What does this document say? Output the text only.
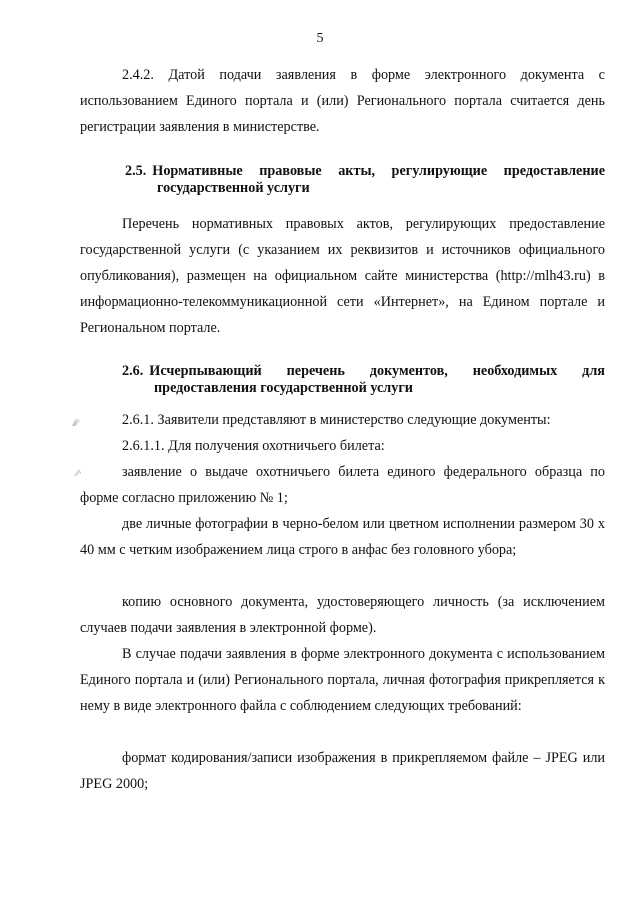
5

2.4.2. Датой подачи заявления в форме электронного документа с использованием Единого портала и (или) Регионального портала считается день регистрации заявления в министерстве.

2.5. Нормативные правовые акты, регулирующие предоставление государственной услуги

Перечень нормативных правовых актов, регулирующих предоставление государственной услуги (с указанием их реквизитов и источников официального опубликования), размещен на официальном сайте министерства (http://mlh43.ru) в информационно-телекоммуникационной сети «Интернет», на Едином портале и Региональном портале.

2.6. Исчерпывающий перечень документов, необходимых для предоставления государственной услуги
ⅈ⁄⁄	2.6.1. Заявители представляют в министерство следующие документы:

2.6.1.1. Для получения охотничьего билета:

⁄⁄·	заявление о выдаче охотничьего билета единого федерального образца по форме согласно приложению № 1;

две личные фотографии в черно-белом или цветном исполнении размером 30 х 40 мм с четким изображением лица строго в анфас без головного убора;

копию основного документа, удостоверяющего личность (за исключением случаев подачи заявления в электронной форме).

В случае подачи заявления в форме электронного документа с использованием Единого портала и (или) Регионального портала, личная фотография прикрепляется к нему в виде электронного файла с соблюдением следующих требований:

формат кодирования/записи изображения в прикрепляемом файле – JPEG или JPEG 2000;
